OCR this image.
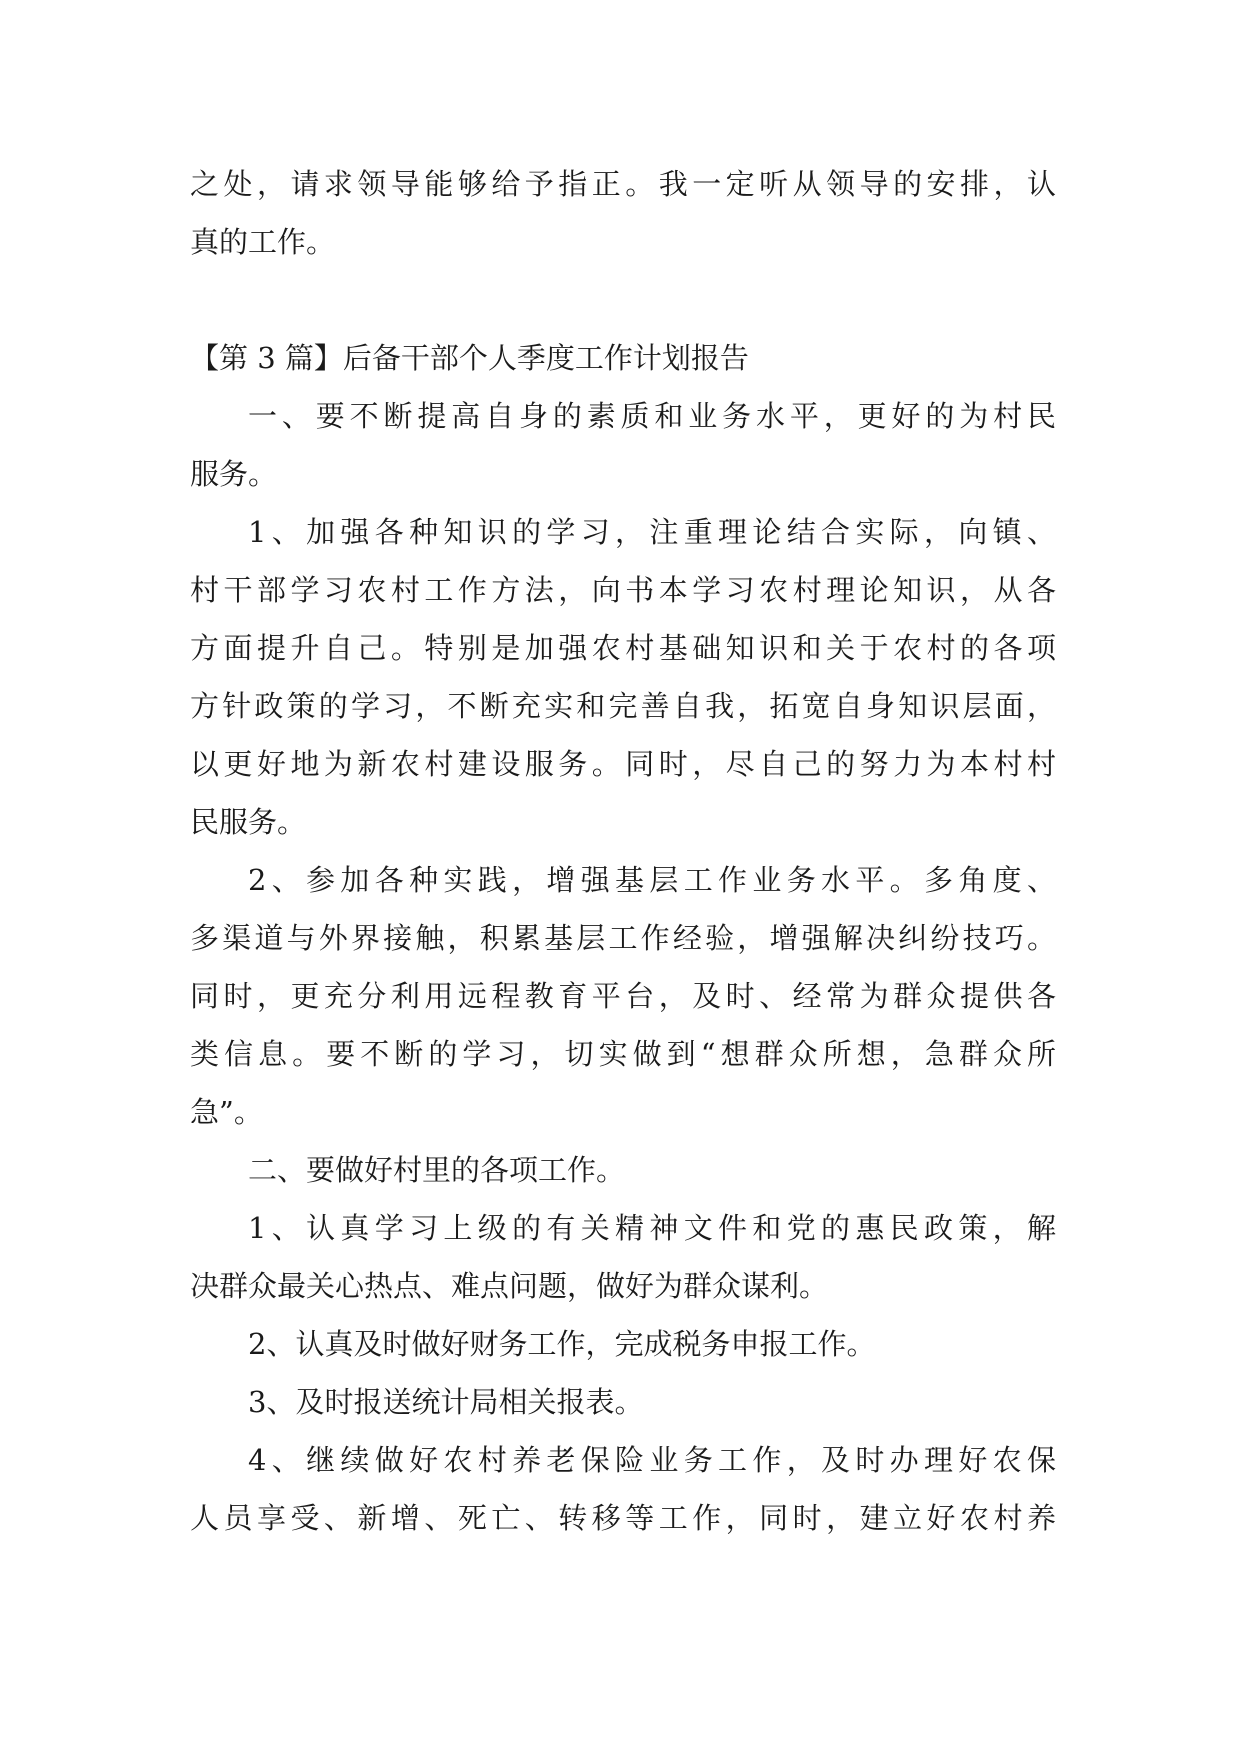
之处，请求领导能够给予指正。我一定听从领导的安排，认
真的工作。
【第 3 篇】后备干部个人季度工作计划报告
一、要不断提高自身的素质和业务水平，更好的为村民
服务。
1、加强各种知识的学习，注重理论结合实际，向镇、
村干部学习农村工作方法，向书本学习农村理论知识，从各
方面提升自己。特别是加强农村基础知识和关于农村的各项
方针政策的学习，不断充实和完善自我，拓宽自身知识层面，
以更好地为新农村建设服务。同时，尽自己的努力为本村村
民服务。
2、参加各种实践，增强基层工作业务水平。多角度、
多渠道与外界接触，积累基层工作经验，增强解决纠纷技巧。
同时，更充分利用远程教育平台，及时、经常为群众提供各
类信息。要不断的学习，切实做到“想群众所想，急群众所
急”。
二、要做好村里的各项工作。
1、认真学习上级的有关精神文件和党的惠民政策，解
决群众最关心热点、难点问题，做好为群众谋利。
2、认真及时做好财务工作，完成税务申报工作。
3、及时报送统计局相关报表。
4、继续做好农村养老保险业务工作，及时办理好农保
人员享受、新增、死亡、转移等工作，同时，建立好农村养
